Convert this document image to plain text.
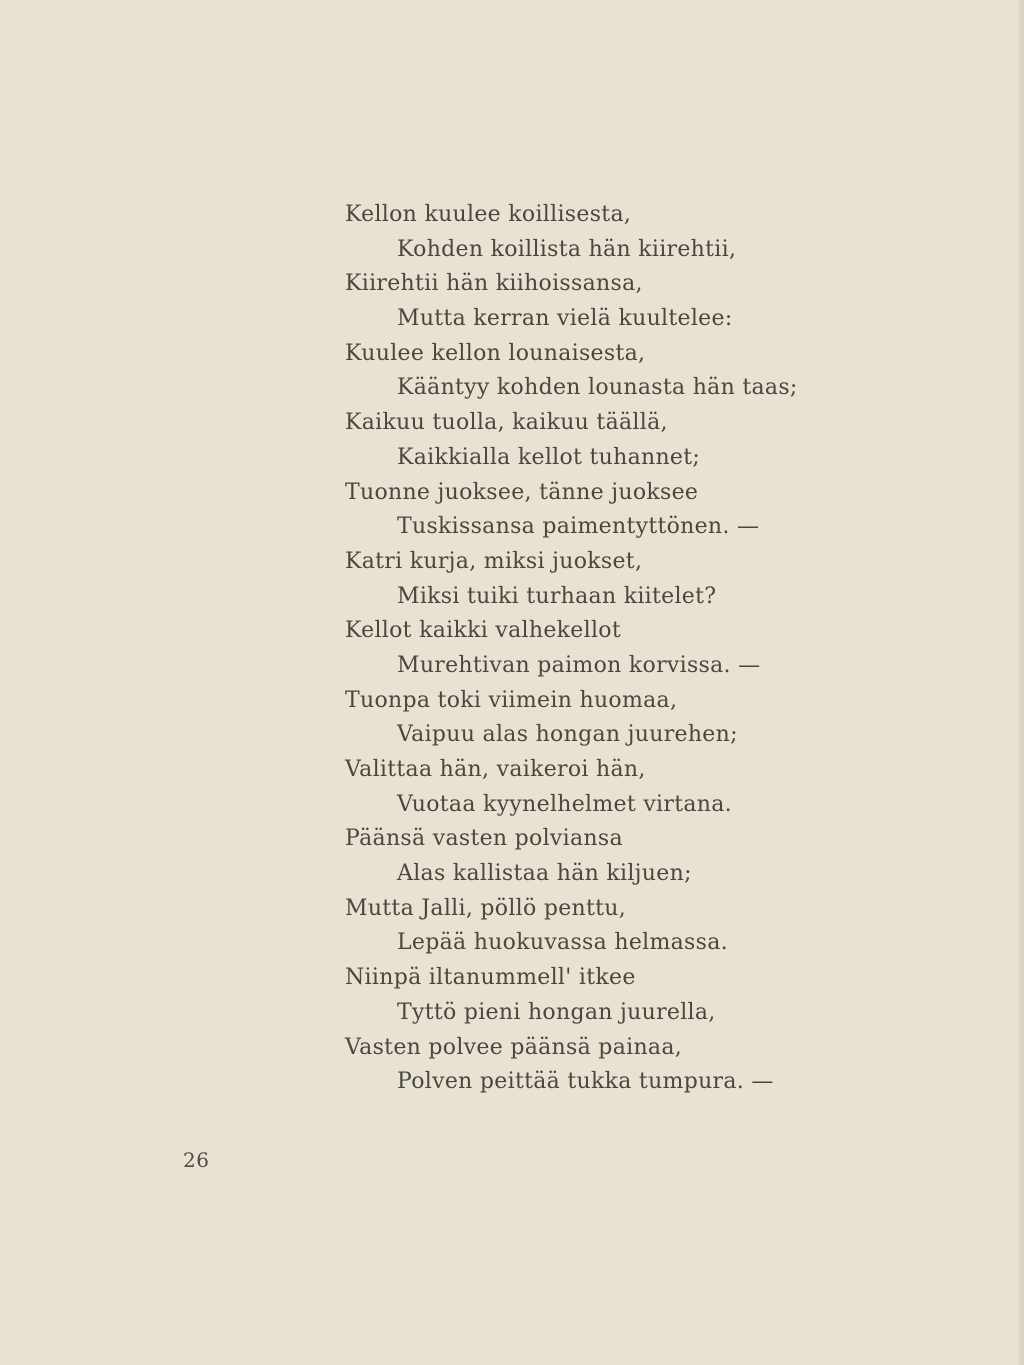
Kellon kuulee koillisesta,
Kohden koillista hän kiirehtii,
Kiirehtii hän kiihoissansa,
Mutta kerran vielä kuultelee:
Kuulee kellon lounaisesta,
Kääntyy kohden lounasta hän taas;
Kaikuu tuolla, kaikuu täällä,
Kaikkialla kellot tuhannet;
Tuonne juoksee, tänne juoksee
Tuskissansa paimentyttönen. —
Katri kurja, miksi juokset,
Miksi tuiki turhaan kiitelet?
Kellot kaikki valhekellot
Murehtivan paimon korvissa. —
Tuonpa toki viimein huomaa,
Vaipuu alas hongan juurehen;
Valittaa hän, vaikeroi hän,
Vuotaa kyynelhelmet virtana.
Päänsä vasten polviansa
Alas kallistaa hän kiljuen;
Mutta Jalli, pöllö penttu,
Lepää huokuvassa helmassa.
Niinpä iltanummell' itkee
Tyttö pieni hongan juurella,
Vasten polvee päänsä painaa,
Polven peittää tukka tumpura. —
26
